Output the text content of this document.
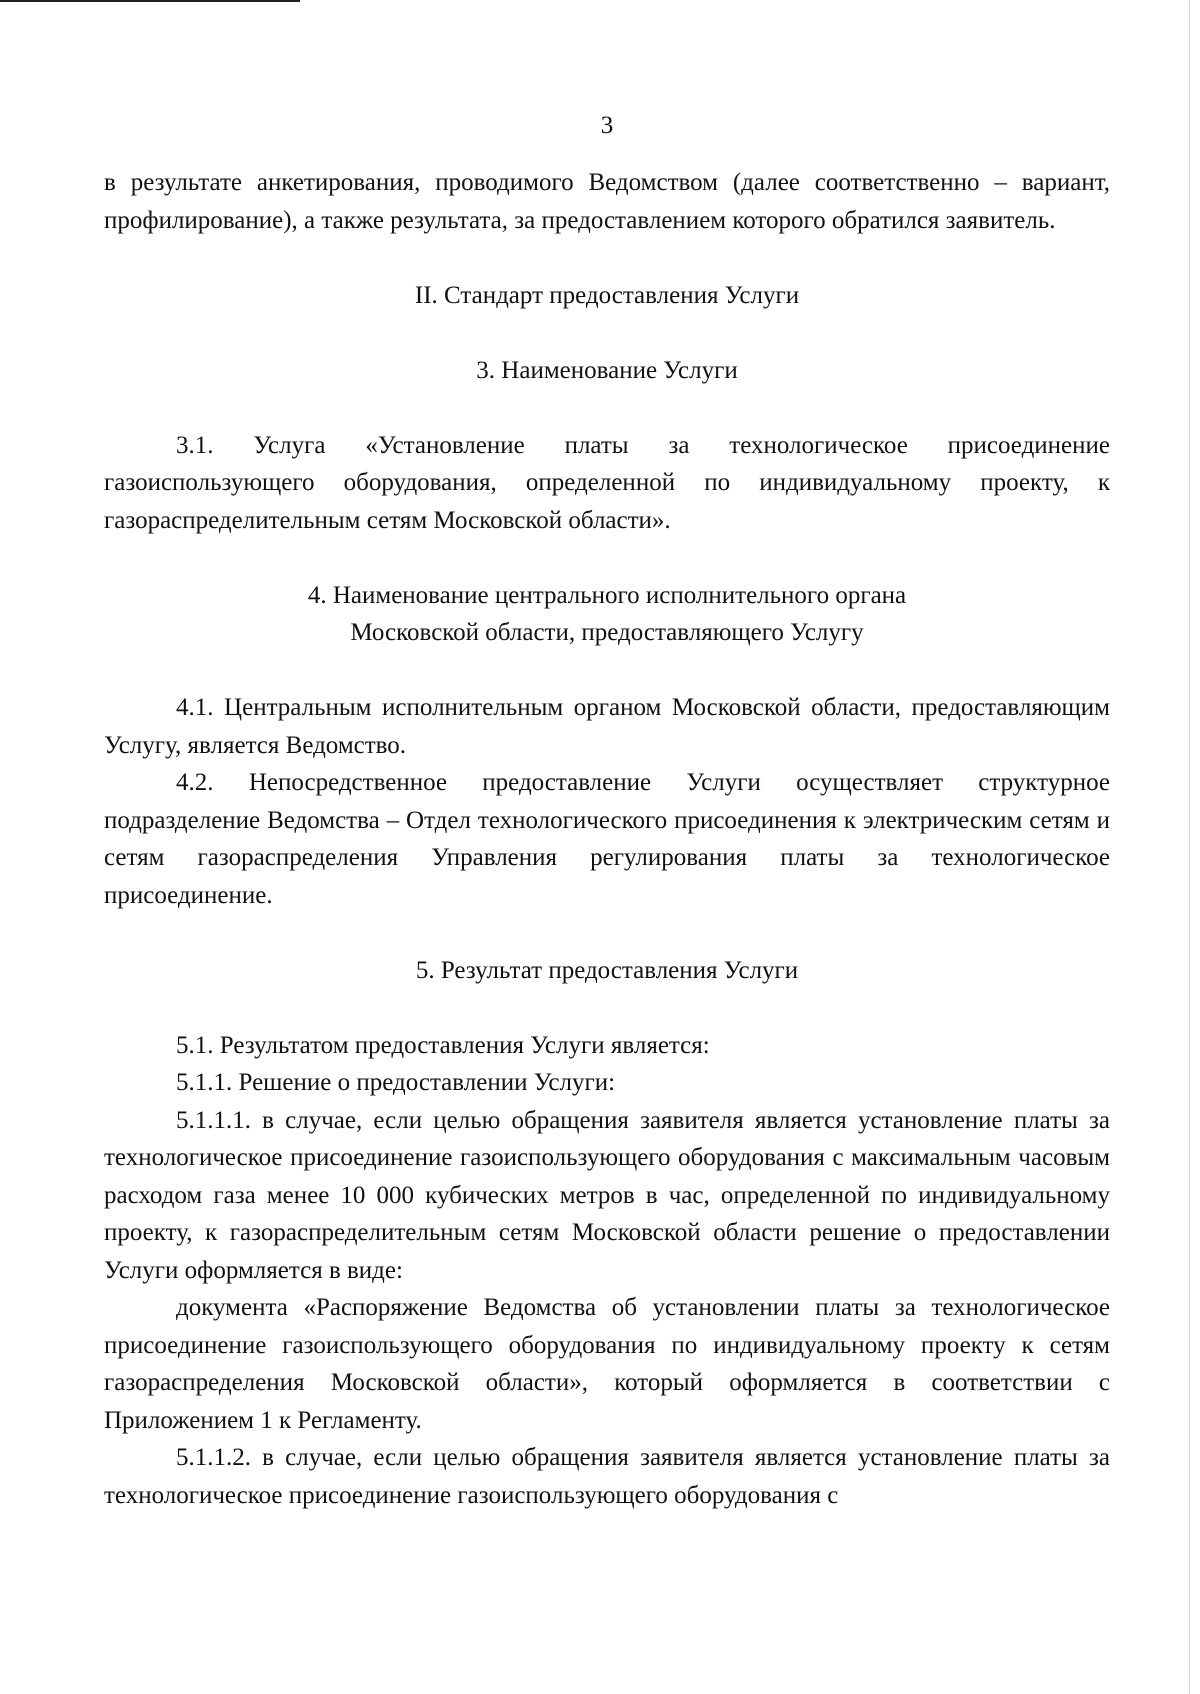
3

в результате анкетирования, проводимого Ведомством (далее соответственно – вариант, профилирование), а также результата, за предоставлением которого обратился заявитель.

II. Стандарт предоставления Услуги
3. Наименование Услуги

3.1. Услуга «Установление платы за технологическое присоединение газоиспользующего оборудования, определенной по индивидуальному проекту, к газораспределительным сетям Московской области».

4. Наименование центрального исполнительного органа
Московской области, предоставляющего Услугу

4.1. Центральным исполнительным органом Московской области, предоставляющим Услугу, является Ведомство.

4.2. Непосредственное предоставление Услуги осуществляет структурное подразделение Ведомства – Отдел технологического присоединения к электрическим сетям и сетям газораспределения Управления регулирования платы за технологическое присоединение.

5. Результат предоставления Услуги

5.1. Результатом предоставления Услуги является:

5.1.1. Решение о предоставлении Услуги:

5.1.1.1. в случае, если целью обращения заявителя является установление платы за технологическое присоединение газоиспользующего оборудования с максимальным часовым расходом газа менее 10 000 кубических метров в час, определенной по индивидуальному проекту, к газораспределительным сетям Московской области решение о предоставлении Услуги оформляется в виде:

документа «Распоряжение Ведомства об установлении платы за технологическое присоединение газоиспользующего оборудования по индивидуальному проекту к сетям газораспределения Московской области», который оформляется в соответствии с Приложением 1 к Регламенту.

5.1.1.2. в случае, если целью обращения заявителя является установление платы за технологическое присоединение газоиспользующего оборудования с
